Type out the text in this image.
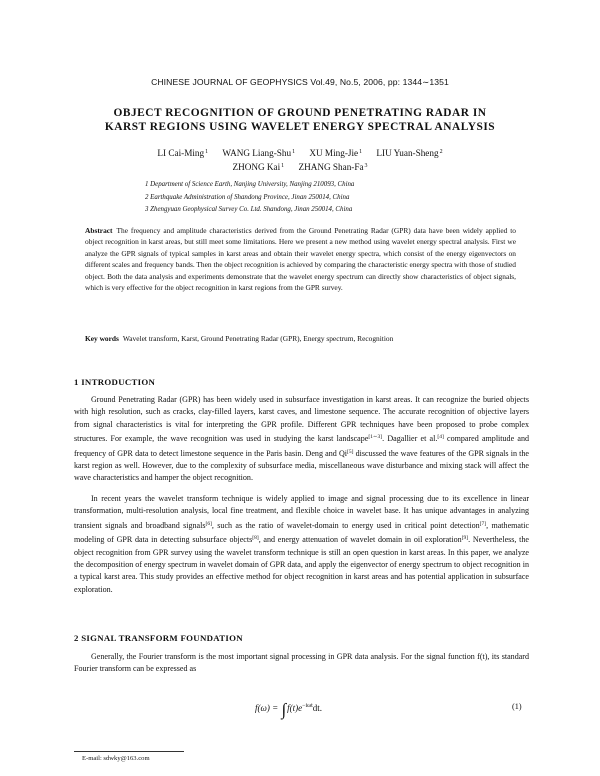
CHINESE JOURNAL OF GEOPHYSICS Vol.49, No.5, 2006, pp: 1344∼1351
OBJECT RECOGNITION OF GROUND PENETRATING RADAR IN
KARST REGIONS USING WAVELET ENERGY SPECTRAL ANALYSIS
LI Cai-Ming$^1$ WANG Liang-Shu$^1$ XU Ming-Jie$^1$ LIU Yuan-Sheng$^2$
ZHONG Kai$^1$ ZHANG Shan-Fa$^3$
1 Department of Science Earth, Nanjing University, Nanjing 210093, China
2 Earthquake Administration of Shandong Province, Jinan 250014, China
3 Zhengyuan Geophysical Survey Co. Ltd. Shandong, Jinan 250014, China
Abstract The frequency and amplitude characteristics derived from the Ground Penetrating Radar (GPR) data have been widely applied to object recognition in karst areas, but still meet some limitations. Here we present a new method using wavelet energy spectral analysis. First we analyze the GPR signals of typical samples in karst areas and obtain their wavelet energy spectra, which consist of the energy eigenvectors on different scales and frequency bands. Then the object recognition is achieved by comparing the characteristic energy spectra with those of studied object. Both the data analysis and experiments demonstrate that the wavelet energy spectrum can directly show characteristics of object signals, which is very effective for the object recognition in karst regions from the GPR survey.
Key words Wavelet transform, Karst, Ground Penetrating Radar (GPR), Energy spectrum, Recognition
1 INTRODUCTION

Ground Penetrating Radar (GPR) has been widely used in subsurface investigation in karst areas. It can recognize the buried objects with high resolution, such as cracks, clay-filled layers, karst caves, and limestone sequence. The accurate recognition of objective layers from signal characteristics is vital for interpreting the GPR profile. Different GPR techniques have been proposed to probe complex structures. For example, the wave recognition was used in studying the karst landscape[1∼3]. Dagallier et al.[4] compared amplitude and frequency of GPR data to detect limestone sequence in the Paris basin. Deng and Qi[5] discussed the wave features of the GPR signals in the karst region as well. However, due to the complexity of subsurface media, miscellaneous wave disturbance and mixing stack will affect the wave characteristics and hamper the object recognition.

In recent years the wavelet transform technique is widely applied to image and signal processing due to its excellence in linear transformation, multi-resolution analysis, local fine treatment, and flexible choice in wavelet base. It has unique advantages in analyzing transient signals and broadband signals[6], such as the ratio of wavelet-domain to energy used in critical point detection[7], mathematic modeling of GPR data in detecting subsurface objects[8], and energy attenuation of wavelet domain in oil exploration[9]. Nevertheless, the object recognition from GPR survey using the wavelet transform technique is still an open question in karst areas. In this paper, we analyze the decomposition of energy spectrum in wavelet domain of GPR data, and apply the eigenvector of energy spectrum to object recognition in a typical karst area. This study provides an effective method for object recognition in karst areas and has potential application in subsurface exploration.

2 SIGNAL TRANSFORM FOUNDATION

Generally, the Fourier transform is the most important signal processing in GPR data analysis. For the signal function f(t), its standard Fourier transform can be expressed as

$f(\omega) = \int f(t)e^{-i\omega t}dt$.	(1)
E-mail: sdwky@163.com
